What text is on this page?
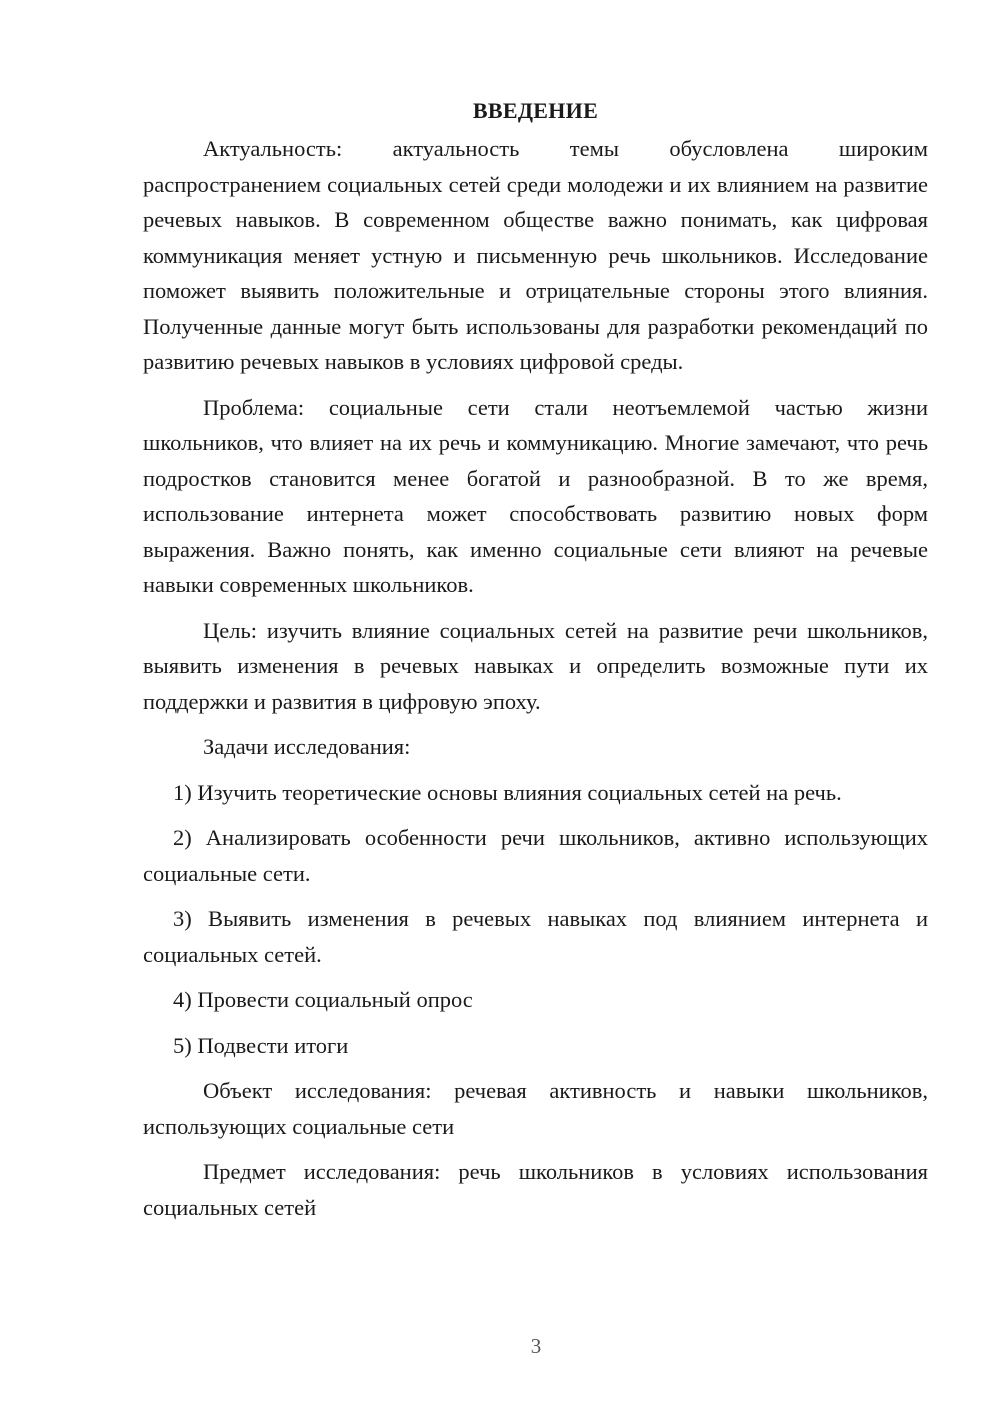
ВВЕДЕНИЕ

Актуальность: актуальность темы обусловлена широким распространением социальных сетей среди молодежи и их влиянием на развитие речевых навыков. В современном обществе важно понимать, как цифровая коммуникация меняет устную и письменную речь школьников. Исследование поможет выявить положительные и отрицательные стороны этого влияния. Полученные данные могут быть использованы для разработки рекомендаций по развитию речевых навыков в условиях цифровой среды.

Проблема: социальные сети стали неотъемлемой частью жизни школьников, что влияет на их речь и коммуникацию. Многие замечают, что речь подростков становится менее богатой и разнообразной. В то же время, использование интернета может способствовать развитию новых форм выражения. Важно понять, как именно социальные сети влияют на речевые навыки современных школьников.

Цель: изучить влияние социальных сетей на развитие речи школьников, выявить изменения в речевых навыках и определить возможные пути их поддержки и развития в цифровую эпоху.

Задачи исследования:

1) Изучить теоретические основы влияния социальных сетей на речь.

2) Анализировать особенности речи школьников, активно использующих социальные сети.

3) Выявить изменения в речевых навыках под влиянием интернета и социальных сетей.

4) Провести социальный опрос

5) Подвести итоги

Объект исследования: речевая активность и навыки школьников, использующих социальные сети

Предмет исследования: речь школьников в условиях использования социальных сетей

3
